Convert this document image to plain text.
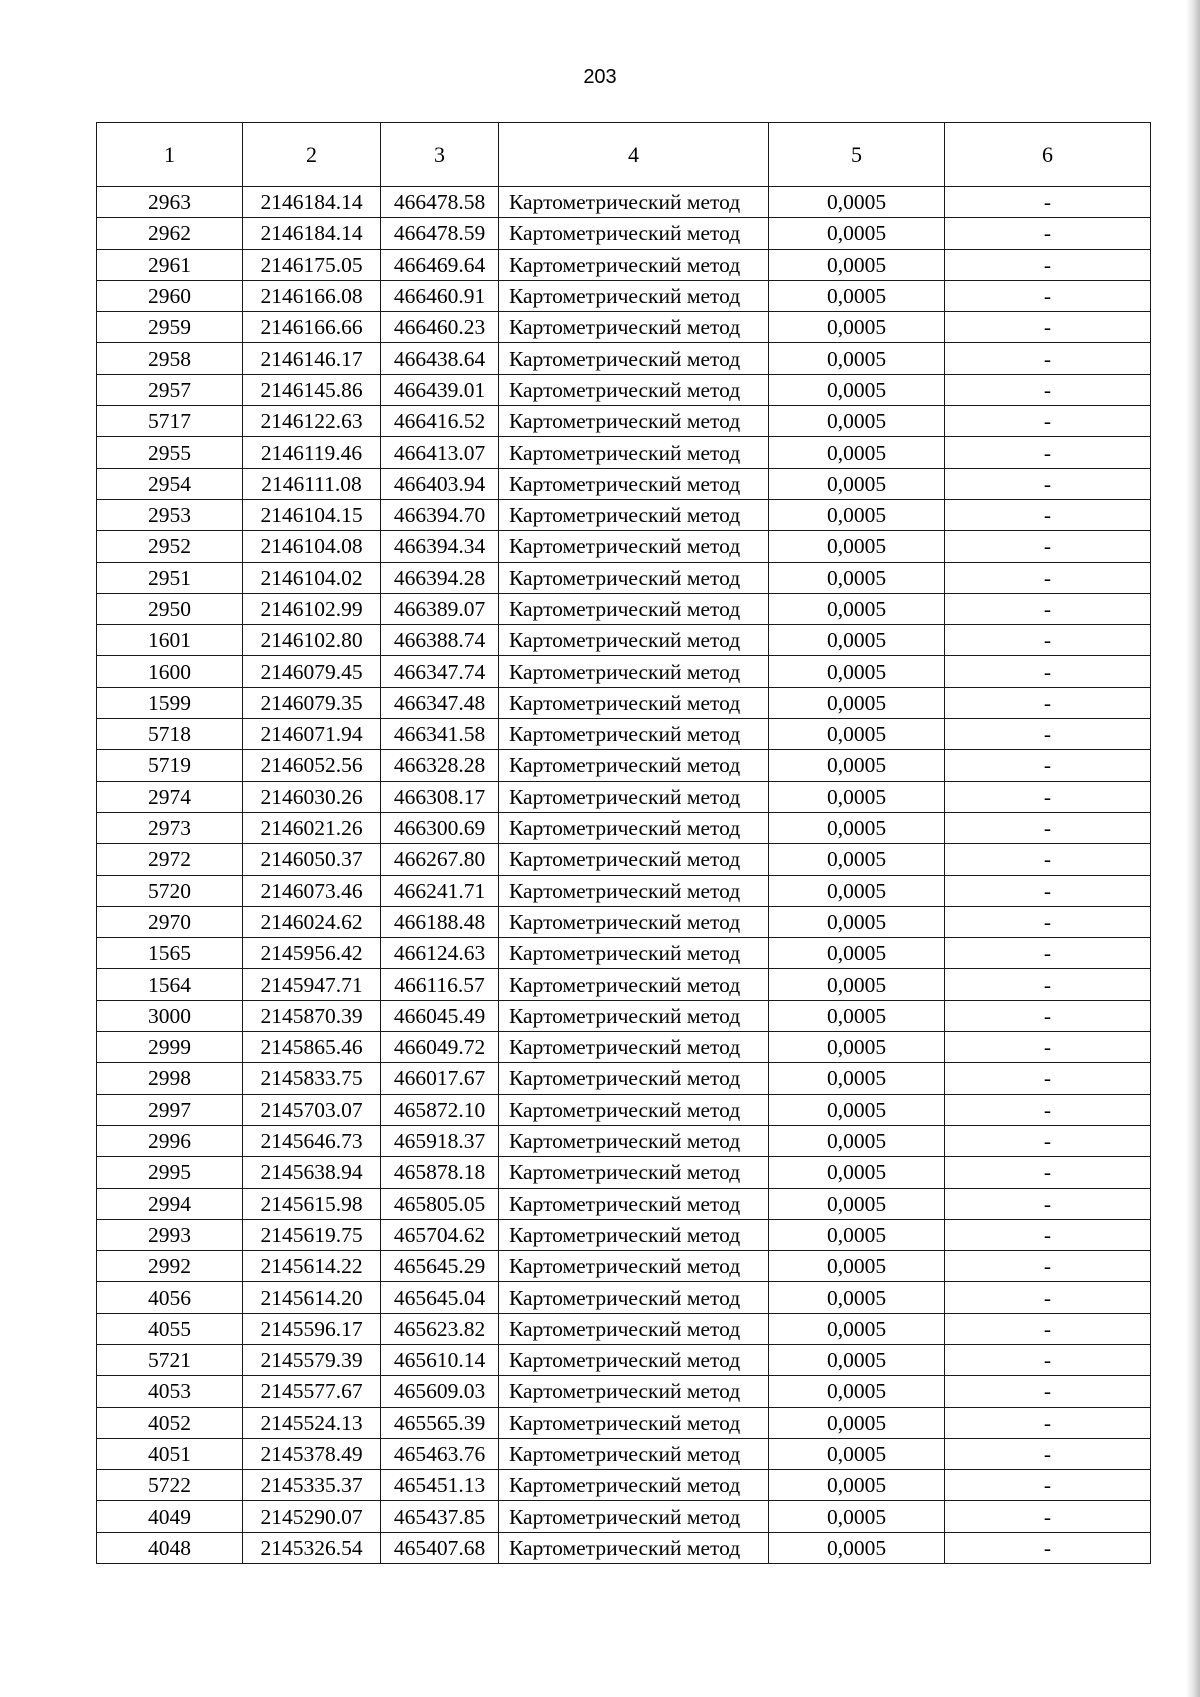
203
1	2	3	4	5	6
2963	2146184.14	466478.58	Картометрический метод	0,0005	-
2962	2146184.14	466478.59	Картометрический метод	0,0005	-
2961	2146175.05	466469.64	Картометрический метод	0,0005	-
2960	2146166.08	466460.91	Картометрический метод	0,0005	-
2959	2146166.66	466460.23	Картометрический метод	0,0005	-
2958	2146146.17	466438.64	Картометрический метод	0,0005	-
2957	2146145.86	466439.01	Картометрический метод	0,0005	-
5717	2146122.63	466416.52	Картометрический метод	0,0005	-
2955	2146119.46	466413.07	Картометрический метод	0,0005	-
2954	2146111.08	466403.94	Картометрический метод	0,0005	-
2953	2146104.15	466394.70	Картометрический метод	0,0005	-
2952	2146104.08	466394.34	Картометрический метод	0,0005	-
2951	2146104.02	466394.28	Картометрический метод	0,0005	-
2950	2146102.99	466389.07	Картометрический метод	0,0005	-
1601	2146102.80	466388.74	Картометрический метод	0,0005	-
1600	2146079.45	466347.74	Картометрический метод	0,0005	-
1599	2146079.35	466347.48	Картометрический метод	0,0005	-
5718	2146071.94	466341.58	Картометрический метод	0,0005	-
5719	2146052.56	466328.28	Картометрический метод	0,0005	-
2974	2146030.26	466308.17	Картометрический метод	0,0005	-
2973	2146021.26	466300.69	Картометрический метод	0,0005	-
2972	2146050.37	466267.80	Картометрический метод	0,0005	-
5720	2146073.46	466241.71	Картометрический метод	0,0005	-
2970	2146024.62	466188.48	Картометрический метод	0,0005	-
1565	2145956.42	466124.63	Картометрический метод	0,0005	-
1564	2145947.71	466116.57	Картометрический метод	0,0005	-
3000	2145870.39	466045.49	Картометрический метод	0,0005	-
2999	2145865.46	466049.72	Картометрический метод	0,0005	-
2998	2145833.75	466017.67	Картометрический метод	0,0005	-
2997	2145703.07	465872.10	Картометрический метод	0,0005	-
2996	2145646.73	465918.37	Картометрический метод	0,0005	-
2995	2145638.94	465878.18	Картометрический метод	0,0005	-
2994	2145615.98	465805.05	Картометрический метод	0,0005	-
2993	2145619.75	465704.62	Картометрический метод	0,0005	-
2992	2145614.22	465645.29	Картометрический метод	0,0005	-
4056	2145614.20	465645.04	Картометрический метод	0,0005	-
4055	2145596.17	465623.82	Картометрический метод	0,0005	-
5721	2145579.39	465610.14	Картометрический метод	0,0005	-
4053	2145577.67	465609.03	Картометрический метод	0,0005	-
4052	2145524.13	465565.39	Картометрический метод	0,0005	-
4051	2145378.49	465463.76	Картометрический метод	0,0005	-
5722	2145335.37	465451.13	Картометрический метод	0,0005	-
4049	2145290.07	465437.85	Картометрический метод	0,0005	-
4048	2145326.54	465407.68	Картометрический метод	0,0005	-
